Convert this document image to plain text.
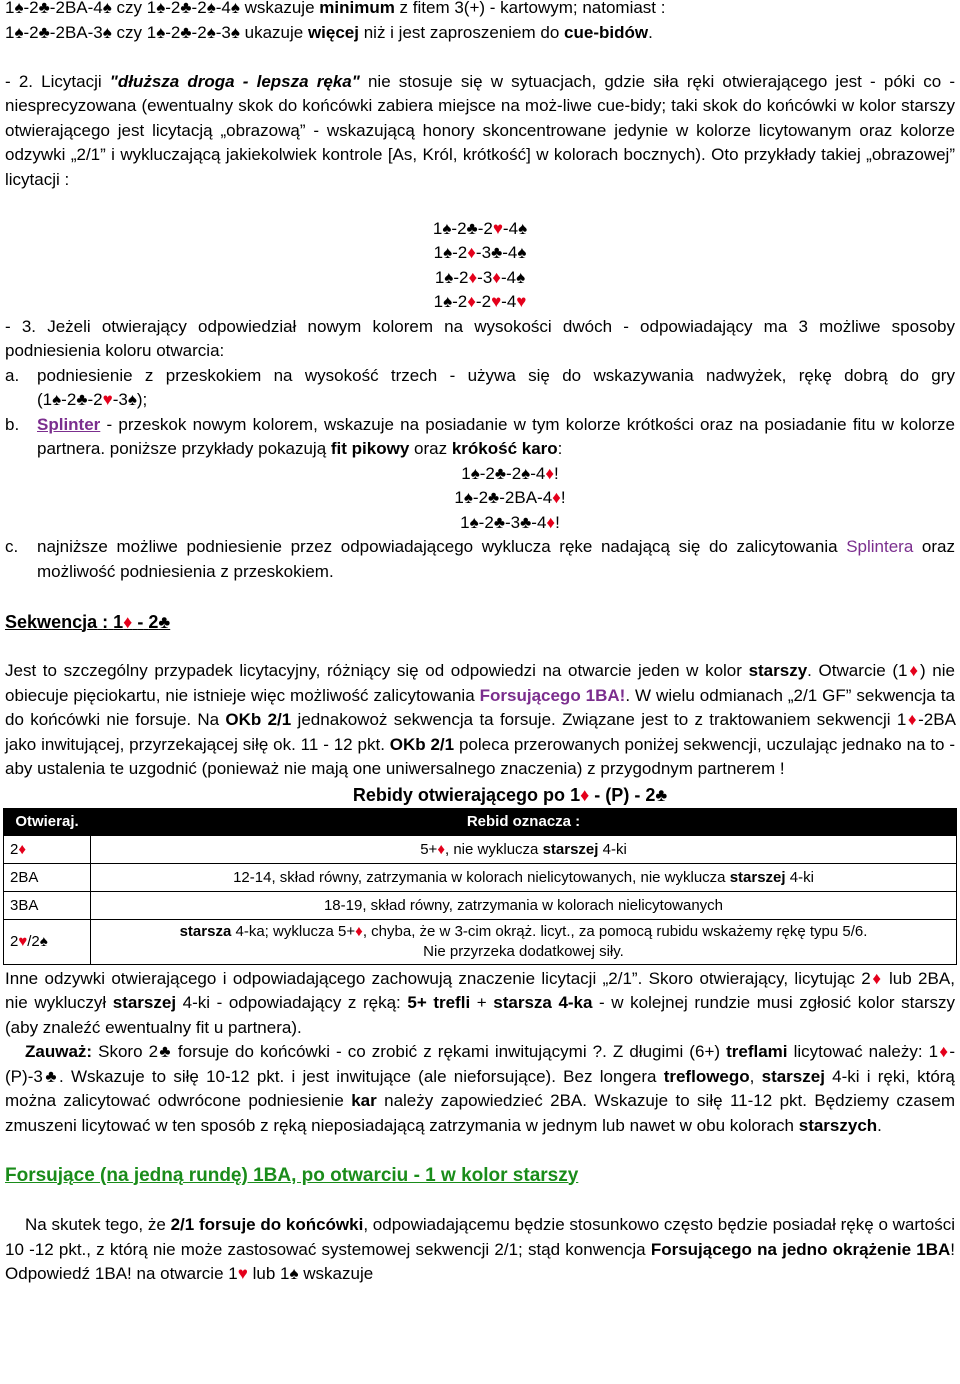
1♠-2♣-2BA-4♠ czy 1♠-2♣-2♠-4♠ wskazuje minimum z fitem 3(+) - kartowym; natomiast :

1♠-2♣-2BA-3♠ czy 1♠-2♣-2♠-3♠ ukazuje więcej niż i jest zaproszeniem do cue-bidów.

- 2. Licytacji "dłuższa droga - lepsza ręka" nie stosuje się w sytuacjach, gdzie siła ręki otwierającego jest - póki co - niesprecyzowana (ewentualny skok do końcówki zabiera miejsce na moż-liwe cue-bidy; taki skok do końcówki w kolor starszy otwierającego jest licytacją „obrazową” - wskazującą honory skoncentrowane jedynie w kolorze licytowanym oraz kolorze odzywki „2/1” i wykluczającą jakiekolwiek kontrole [As, Król, krótkość] w kolorach bocznych). Oto przykłady takiej „obrazowej” licytacji :

1♠-2♣-2♥-4♠
1♠-2♦-3♣-4♠
1♠-2♦-3♦-4♠
1♠-2♦-2♥-4♥

- 3. Jeżeli otwierający odpowiedział nowym kolorem na wysokości dwóch - odpowiadający ma 3 możliwe sposoby podniesienia koloru otwarcia:

a. podniesienie z przeskokiem na wysokość trzech - używa się do wskazywania nadwyżek, rękę dobrą do gry (1♠-2♣-2♥-3♠);

b. Splinter - przeskok nowym kolorem, wskazuje na posiadanie w tym kolorze krótkości oraz na posiadanie fitu w kolorze partnera. poniższe przykłady pokazują fit pikowy oraz krókość karo:

1♠-2♣-2♠-4♦!
1♠-2♣-2BA-4♦!
1♠-2♣-3♣-4♦!

c. najniższe możliwe podniesienie przez odpowiadającego wyklucza ręke nadającą się do zalicytowania Splintera oraz możliwość podniesienia z przeskokiem.

Sekwencja : 1♦ - 2♣

Jest to szczególny przypadek licytacyjny, różniący się od odpowiedzi na otwarcie jeden w kolor starszy. Otwarcie (1♦) nie obiecuje pięciokartu, nie istnieje więc możliwość zalicytowania Forsującego 1BA!. W wielu odmianach „2/1 GF” sekwencja ta do końcówki nie forsuje. Na OKb 2/1 jednakowoż sekwencja ta forsuje. Związane jest to z traktowaniem sekwencji 1♦-2BA jako inwitującej, przyrzekającej siłę ok. 11 - 12 pkt. OKb 2/1 poleca przerowanych poniżej sekwencji, uczulając jednako na to - aby ustalenia te uzgodnić (ponieważ nie mają one uniwersalnego znaczenia) z przygodnym partnerem !

Rebidy otwierającego po 1♦ - (P) - 2♣
Otwieraj.	Rebid oznacza :
2♦	5+♦, nie wyklucza starszej 4-ki
2BA	12-14, skład równy, zatrzymania w kolorach nielicytowanych, nie wyklucza starszej 4-ki
3BA	18-19, skład równy, zatrzymania w kolorach nielicytowanych
2♥/2♠	starsza 4-ka; wyklucza 5+♦, chyba, że w 3-cim okrąż. licyt., za pomocą rubidu wskażemy rękę typu 5/6.
Nie przyrzeka dodatkowej siły.

Inne odzywki otwierającego i odpowiadającego zachowują znaczenie licytacji „2/1”. Skoro otwierający, licytując 2♦ lub 2BA, nie wykluczył starszej 4-ki - odpowiadający z ręką: 5+ trefli + starsza 4-ka - w kolejnej rundzie musi zgłosić kolor starszy (aby znaleźć ewentualny fit u partnera).

Zauważ: Skoro 2♣ forsuje do końcówki - co zrobić z rękami inwitującymi ?. Z długimi (6+) treflami licytować należy: 1♦-(P)-3♣. Wskazuje to siłę 10-12 pkt. i jest inwitujące (ale nieforsujące). Bez longera treflowego, starszej 4-ki i ręki, którą można zalicytować odwrócone podniesienie kar należy zapowiedzieć 2BA. Wskazuje to siłę 11-12 pkt. Będziemy czasem zmuszeni licytować w ten sposób z ręką nieposiadającą zatrzymania w jednym lub nawet w obu kolorach starszych.

Forsujące (na jedną rundę) 1BA, po otwarciu - 1 w kolor starszy

Na skutek tego, że 2/1 forsuje do końcówki, odpowiadającemu będzie stosunkowo często będzie posiadał rękę o wartości 10 -12 pkt., z którą nie może zastosować systemowej sekwencji 2/1; stąd konwencja Forsującego na jedno okrążenie 1BA! Odpowiedź 1BA! na otwarcie 1♥ lub 1♠ wskazuje
